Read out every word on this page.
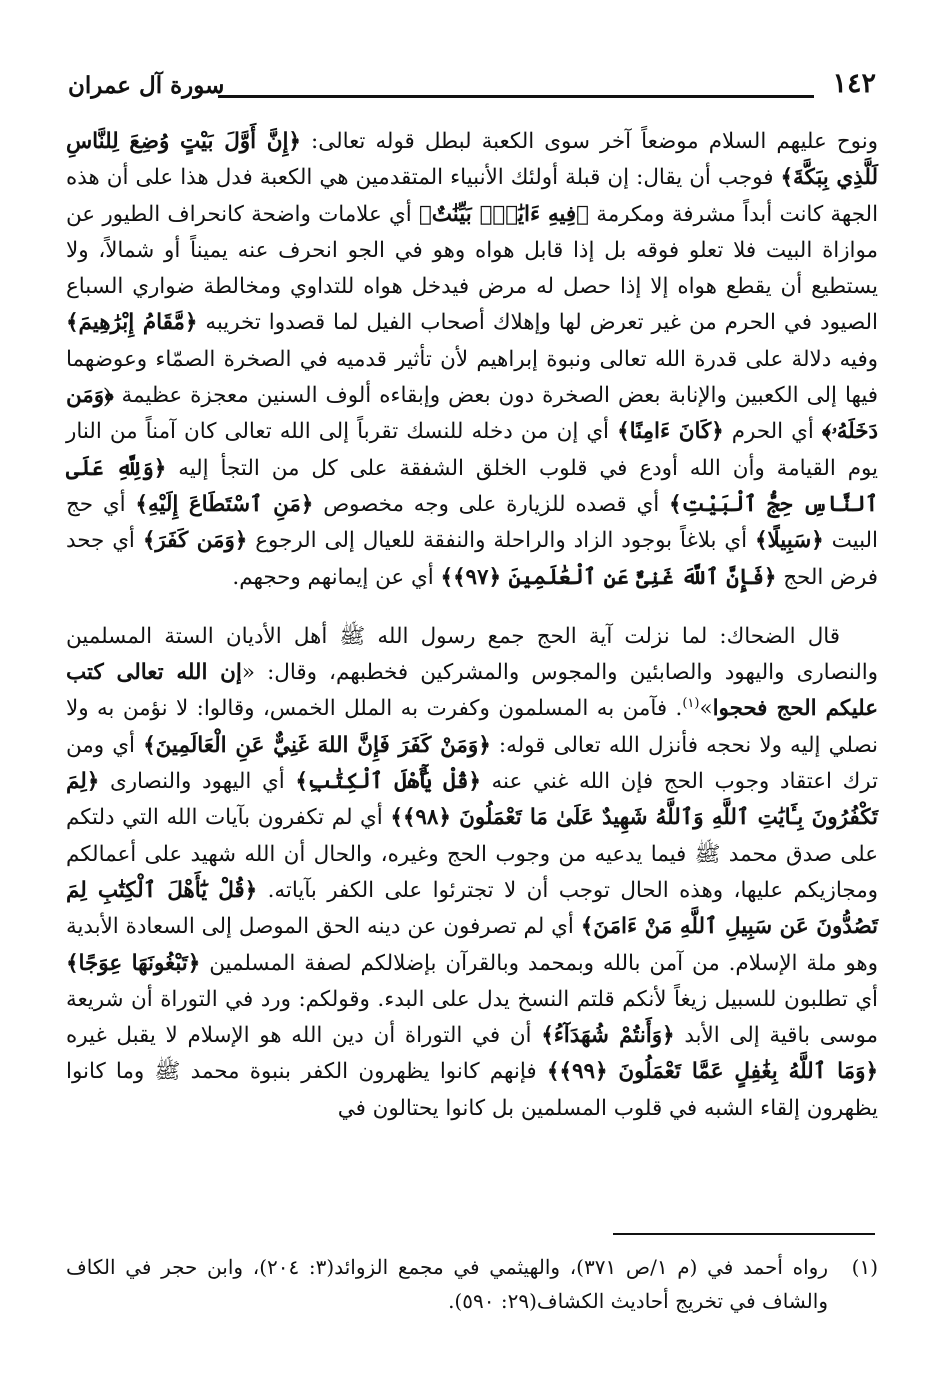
١٤٢
سورة آل عمران

ونوح عليهم السلام موضعاً آخر سوى الكعبة لبطل قوله تعالى: ﴿إِنَّ أَوَّلَ بَيْتٍ وُضِعَ لِلنَّاسِ لَلَّذِي بِبَكَّةَ﴾ فوجب أن يقال: إن قبلة أولئك الأنبياء المتقدمين هي الكعبة فدل هذا على أن هذه الجهة كانت أبداً مشرفة ومكرمة ﴿فِيهِ ءَايَٰتٌۢ بَيِّنَٰتٌ﴾ أي علامات واضحة كانحراف الطيور عن موازاة البيت فلا تعلو فوقه بل إذا قابل هواه وهو في الجو انحرف عنه يميناً أو شمالاً، ولا يستطيع أن يقطع هواه إلا إذا حصل له مرض فيدخل هواه للتداوي ومخالطة ضواري السباع الصيود في الحرم من غير تعرض لها وإهلاك أصحاب الفيل لما قصدوا تخريبه ﴿مَّقَامُ إِبْرَٰهِيمَ﴾ وفيه دلالة على قدرة الله تعالى ونبوة إبراهيم لأن تأثير قدميه في الصخرة الصمّاء وعوضهما فيها إلى الكعبين والإنابة بعض الصخرة دون بعض وإبقاءه ألوف السنين معجزة عظيمة ﴿وَمَن دَخَلَهُۥ﴾ أي الحرم ﴿كَانَ ءَامِنًا﴾ أي إن من دخله للنسك تقرباً إلى الله تعالى كان آمناً من النار يوم القيامة وأن الله أودع في قلوب الخلق الشفقة على كل من التجأ إليه ﴿وَلِلَّهِ عَلَى ٱلنَّاسِ حِجُّ ٱلْبَيْتِ﴾ أي قصده للزيارة على وجه مخصوص ﴿مَنِ ٱسْتَطَاعَ إِلَيْهِ﴾ أي حج البيت ﴿سَبِيلًا﴾ أي بلاغاً بوجود الزاد والراحلة والنفقة للعيال إلى الرجوع ﴿وَمَن كَفَرَ﴾ أي جحد فرض الحج ﴿فَإِنَّ ٱللَّهَ غَنِىٌّ عَنِ ٱلْعَٰلَمِينَ ﴿٩٧﴾﴾ أي عن إيمانهم وحجهم.

قال الضحاك: لما نزلت آية الحج جمع رسول الله ﷺ أهل الأديان الستة المسلمين والنصارى واليهود والصابئين والمجوس والمشركين فخطبهم، وقال: «إن الله تعالى كتب عليكم الحج فحجوا»$^{(١)}$. فآمن به المسلمون وكفرت به الملل الخمس، وقالوا: لا نؤمن به ولا نصلي إليه ولا نحجه فأنزل الله تعالى قوله: ﴿وَمَنْ كَفَرَ فَإِنَّ اللهَ غَنِيٌّ عَنِ الْعَالَمِينَ﴾ أي ومن ترك اعتقاد وجوب الحج فإن الله غني عنه ﴿قُلْ يَٰٓأَهْلَ ٱلْكِتَٰبِ﴾ أي اليهود والنصارى ﴿لِمَ تَكْفُرُونَ بِـَٔايَٰتِ ٱللَّهِ وَٱللَّهُ شَهِيدٌ عَلَىٰ مَا تَعْمَلُونَ ﴿٩٨﴾﴾ أي لم تكفرون بآيات الله التي دلتكم على صدق محمد ﷺ فيما يدعيه من وجوب الحج وغيره، والحال أن الله شهيد على أعمالكم ومجازيكم عليها، وهذه الحال توجب أن لا تجترئوا على الكفر بآياته. ﴿قُلْ يَٰٓأَهْلَ ٱلْكِتَٰبِ لِمَ تَصُدُّونَ عَن سَبِيلِ ٱللَّهِ مَنْ ءَامَنَ﴾ أي لم تصرفون عن دينه الحق الموصل إلى السعادة الأبدية وهو ملة الإسلام. من آمن بالله وبمحمد وبالقرآن بإضلالكم لصفة المسلمين ﴿تَبْغُونَهَا عِوَجًا﴾ أي تطلبون للسبيل زيغاً لأنكم قلتم النسخ يدل على البدء. وقولكم: ورد في التوراة أن شريعة موسى باقية إلى الأبد ﴿وَأَنتُمْ شُهَدَآءُ﴾ أن في التوراة أن دين الله هو الإسلام لا يقبل غيره ﴿وَمَا ٱللَّهُ بِغَٰفِلٍ عَمَّا تَعْمَلُونَ ﴿٩٩﴾﴾ فإنهم كانوا يظهرون الكفر بنبوة محمد ﷺ وما كانوا يظهرون إلقاء الشبه في قلوب المسلمين بل كانوا يحتالون في

(١)
رواه أحمد في (م ١/ص ٣٧١)، والهيثمي في مجمع الزوائد(٣: ٢٠٤)، وابن حجر في الكاف والشاف في تخريج أحاديث الكشاف(٢٩: ٥٩٠).
